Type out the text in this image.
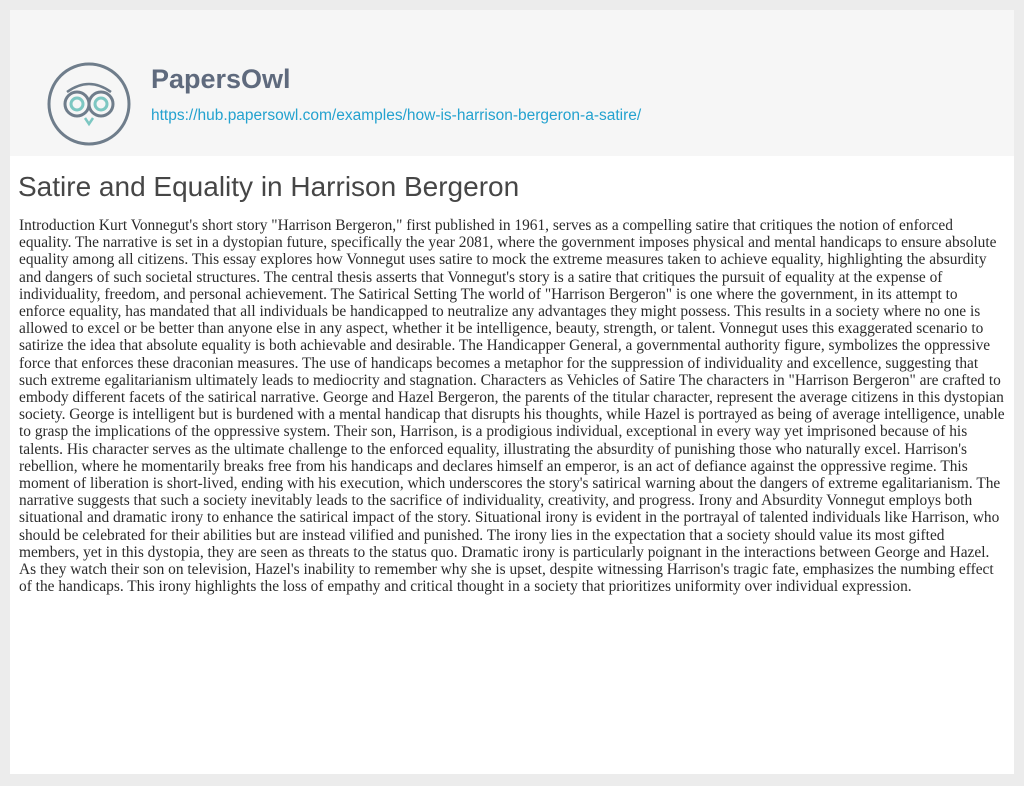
PapersOwl
https://hub.papersowl.com/examples/how-is-harrison-bergeron-a-satire/
Satire and Equality in Harrison Bergeron

Introduction Kurt Vonnegut's short story "Harrison Bergeron," first published in 1961, serves as a compelling satire that critiques the notion of enforced equality. The narrative is set in a dystopian future, specifically the year 2081, where the government imposes physical and mental handicaps to ensure absolute equality among all citizens. This essay explores how Vonnegut uses satire to mock the extreme measures taken to achieve equality, highlighting the absurdity and dangers of such societal structures. The central thesis asserts that Vonnegut's story is a satire that critiques the pursuit of equality at the expense of individuality, freedom, and personal achievement. The Satirical Setting The world of "Harrison Bergeron" is one where the government, in its attempt to enforce equality, has mandated that all individuals be handicapped to neutralize any advantages they might possess. This results in a society where no one is allowed to excel or be better than anyone else in any aspect, whether it be intelligence, beauty, strength, or talent. Vonnegut uses this exaggerated scenario to satirize the idea that absolute equality is both achievable and desirable. The Handicapper General, a governmental authority figure, symbolizes the oppressive force that enforces these draconian measures. The use of handicaps becomes a metaphor for the suppression of individuality and excellence, suggesting that such extreme egalitarianism ultimately leads to mediocrity and stagnation. Characters as Vehicles of Satire The characters in "Harrison Bergeron" are crafted to embody different facets of the satirical narrative. George and Hazel Bergeron, the parents of the titular character, represent the average citizens in this dystopian society. George is intelligent but is burdened with a mental handicap that disrupts his thoughts, while Hazel is portrayed as being of average intelligence, unable to grasp the implications of the oppressive system. Their son, Harrison, is a prodigious individual, exceptional in every way yet imprisoned because of his talents. His character serves as the ultimate challenge to the enforced equality, illustrating the absurdity of punishing those who naturally excel. Harrison's rebellion, where he momentarily breaks free from his handicaps and declares himself an emperor, is an act of defiance against the oppressive regime. This moment of liberation is short-lived, ending with his execution, which underscores the story's satirical warning about the dangers of extreme egalitarianism. The narrative suggests that such a society inevitably leads to the sacrifice of individuality, creativity, and progress. Irony and Absurdity Vonnegut employs both situational and dramatic irony to enhance the satirical impact of the story. Situational irony is evident in the portrayal of talented individuals like Harrison, who should be celebrated for their abilities but are instead vilified and punished. The irony lies in the expectation that a society should value its most gifted members, yet in this dystopia, they are seen as threats to the status quo. Dramatic irony is particularly poignant in the interactions between George and Hazel. As they watch their son on television, Hazel's inability to remember why she is upset, despite witnessing Harrison's tragic fate, emphasizes the numbing effect of the handicaps. This irony highlights the loss of empathy and critical thought in a society that prioritizes uniformity over individual expression.
